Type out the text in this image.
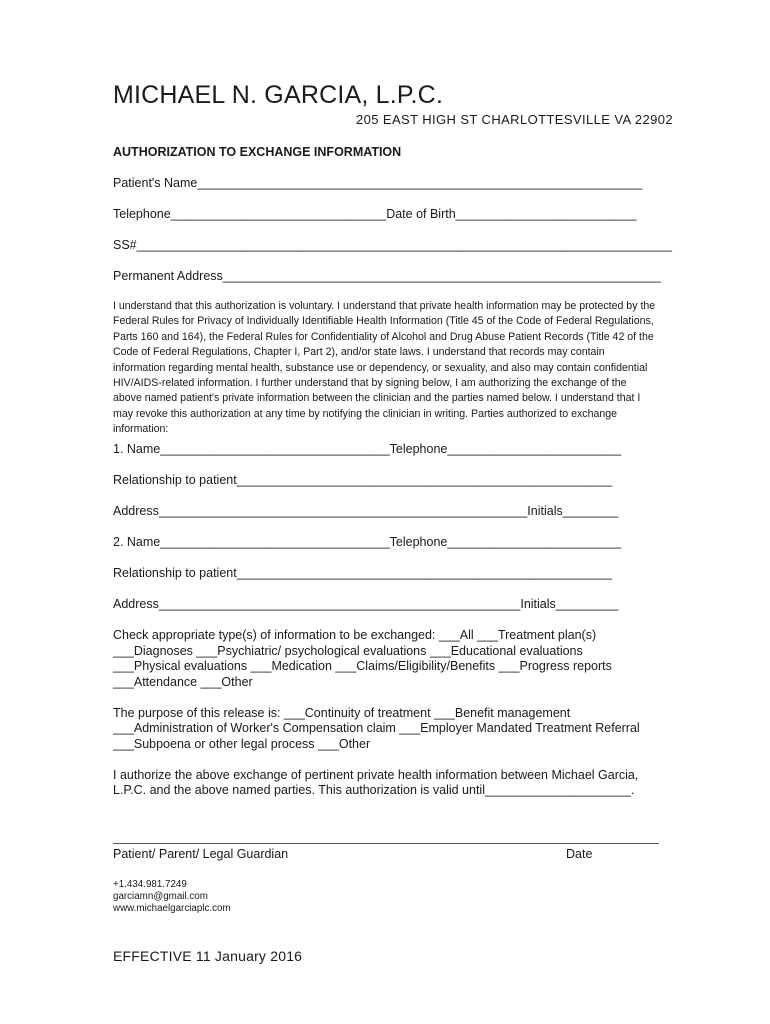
MICHAEL N. GARCIA, L.P.C.
205 EAST HIGH ST CHARLOTTESVILLE VA 22902
AUTHORIZATION TO EXCHANGE INFORMATION
Patient's Name________________________________________________________________
Telephone_______________________________Date of Birth__________________________
SS#_____________________________________________________________________________
Permanent Address_______________________________________________________________
I understand that this authorization is voluntary. I understand that private health information may be protected by the Federal Rules for Privacy of Individually Identifiable Health Information (Title 45 of the Code of Federal Regulations, Parts 160 and 164), the Federal Rules for Confidentiality of Alcohol and Drug Abuse Patient Records (Title 42 of the Code of Federal Regulations, Chapter I, Part 2), and/or state laws. I understand that records may contain information regarding mental health, substance use or dependency, or sexuality, and also may contain confidential HIV/AIDS-related information. I further understand that by signing below, I am authorizing the exchange of the above named patient's private information between the clinician and the parties named below. I understand that I may revoke this authorization at any time by notifying the clinician in writing. Parties authorized to exchange information:
1. Name_________________________________Telephone_________________________
Relationship to patient______________________________________________________
Address_____________________________________________________Initials________
2. Name_________________________________Telephone_________________________
Relationship to patient______________________________________________________
Address____________________________________________________Initials_________
Check appropriate type(s) of information to be exchanged: ___All ___Treatment plan(s)
___Diagnoses ___Psychiatric/ psychological evaluations ___Educational evaluations
___Physical evaluations ___Medication ___Claims/Eligibility/Benefits ___Progress reports
___Attendance ___Other
The purpose of this release is: ___Continuity of treatment ___Benefit management
___Administration of Worker's Compensation claim ___Employer Mandated Treatment Referral
___Subpoena or other legal process ___Other
I authorize the above exchange of pertinent private health information between Michael Garcia,
L.P.C. and the above named parties. This authorization is valid until_____________________.
Patient/ Parent/ Legal Guardian	Date
+1.434.981.7249
garciamn@gmail.com
www.michaelgarciaplc.com
EFFECTIVE 11 January 2016
